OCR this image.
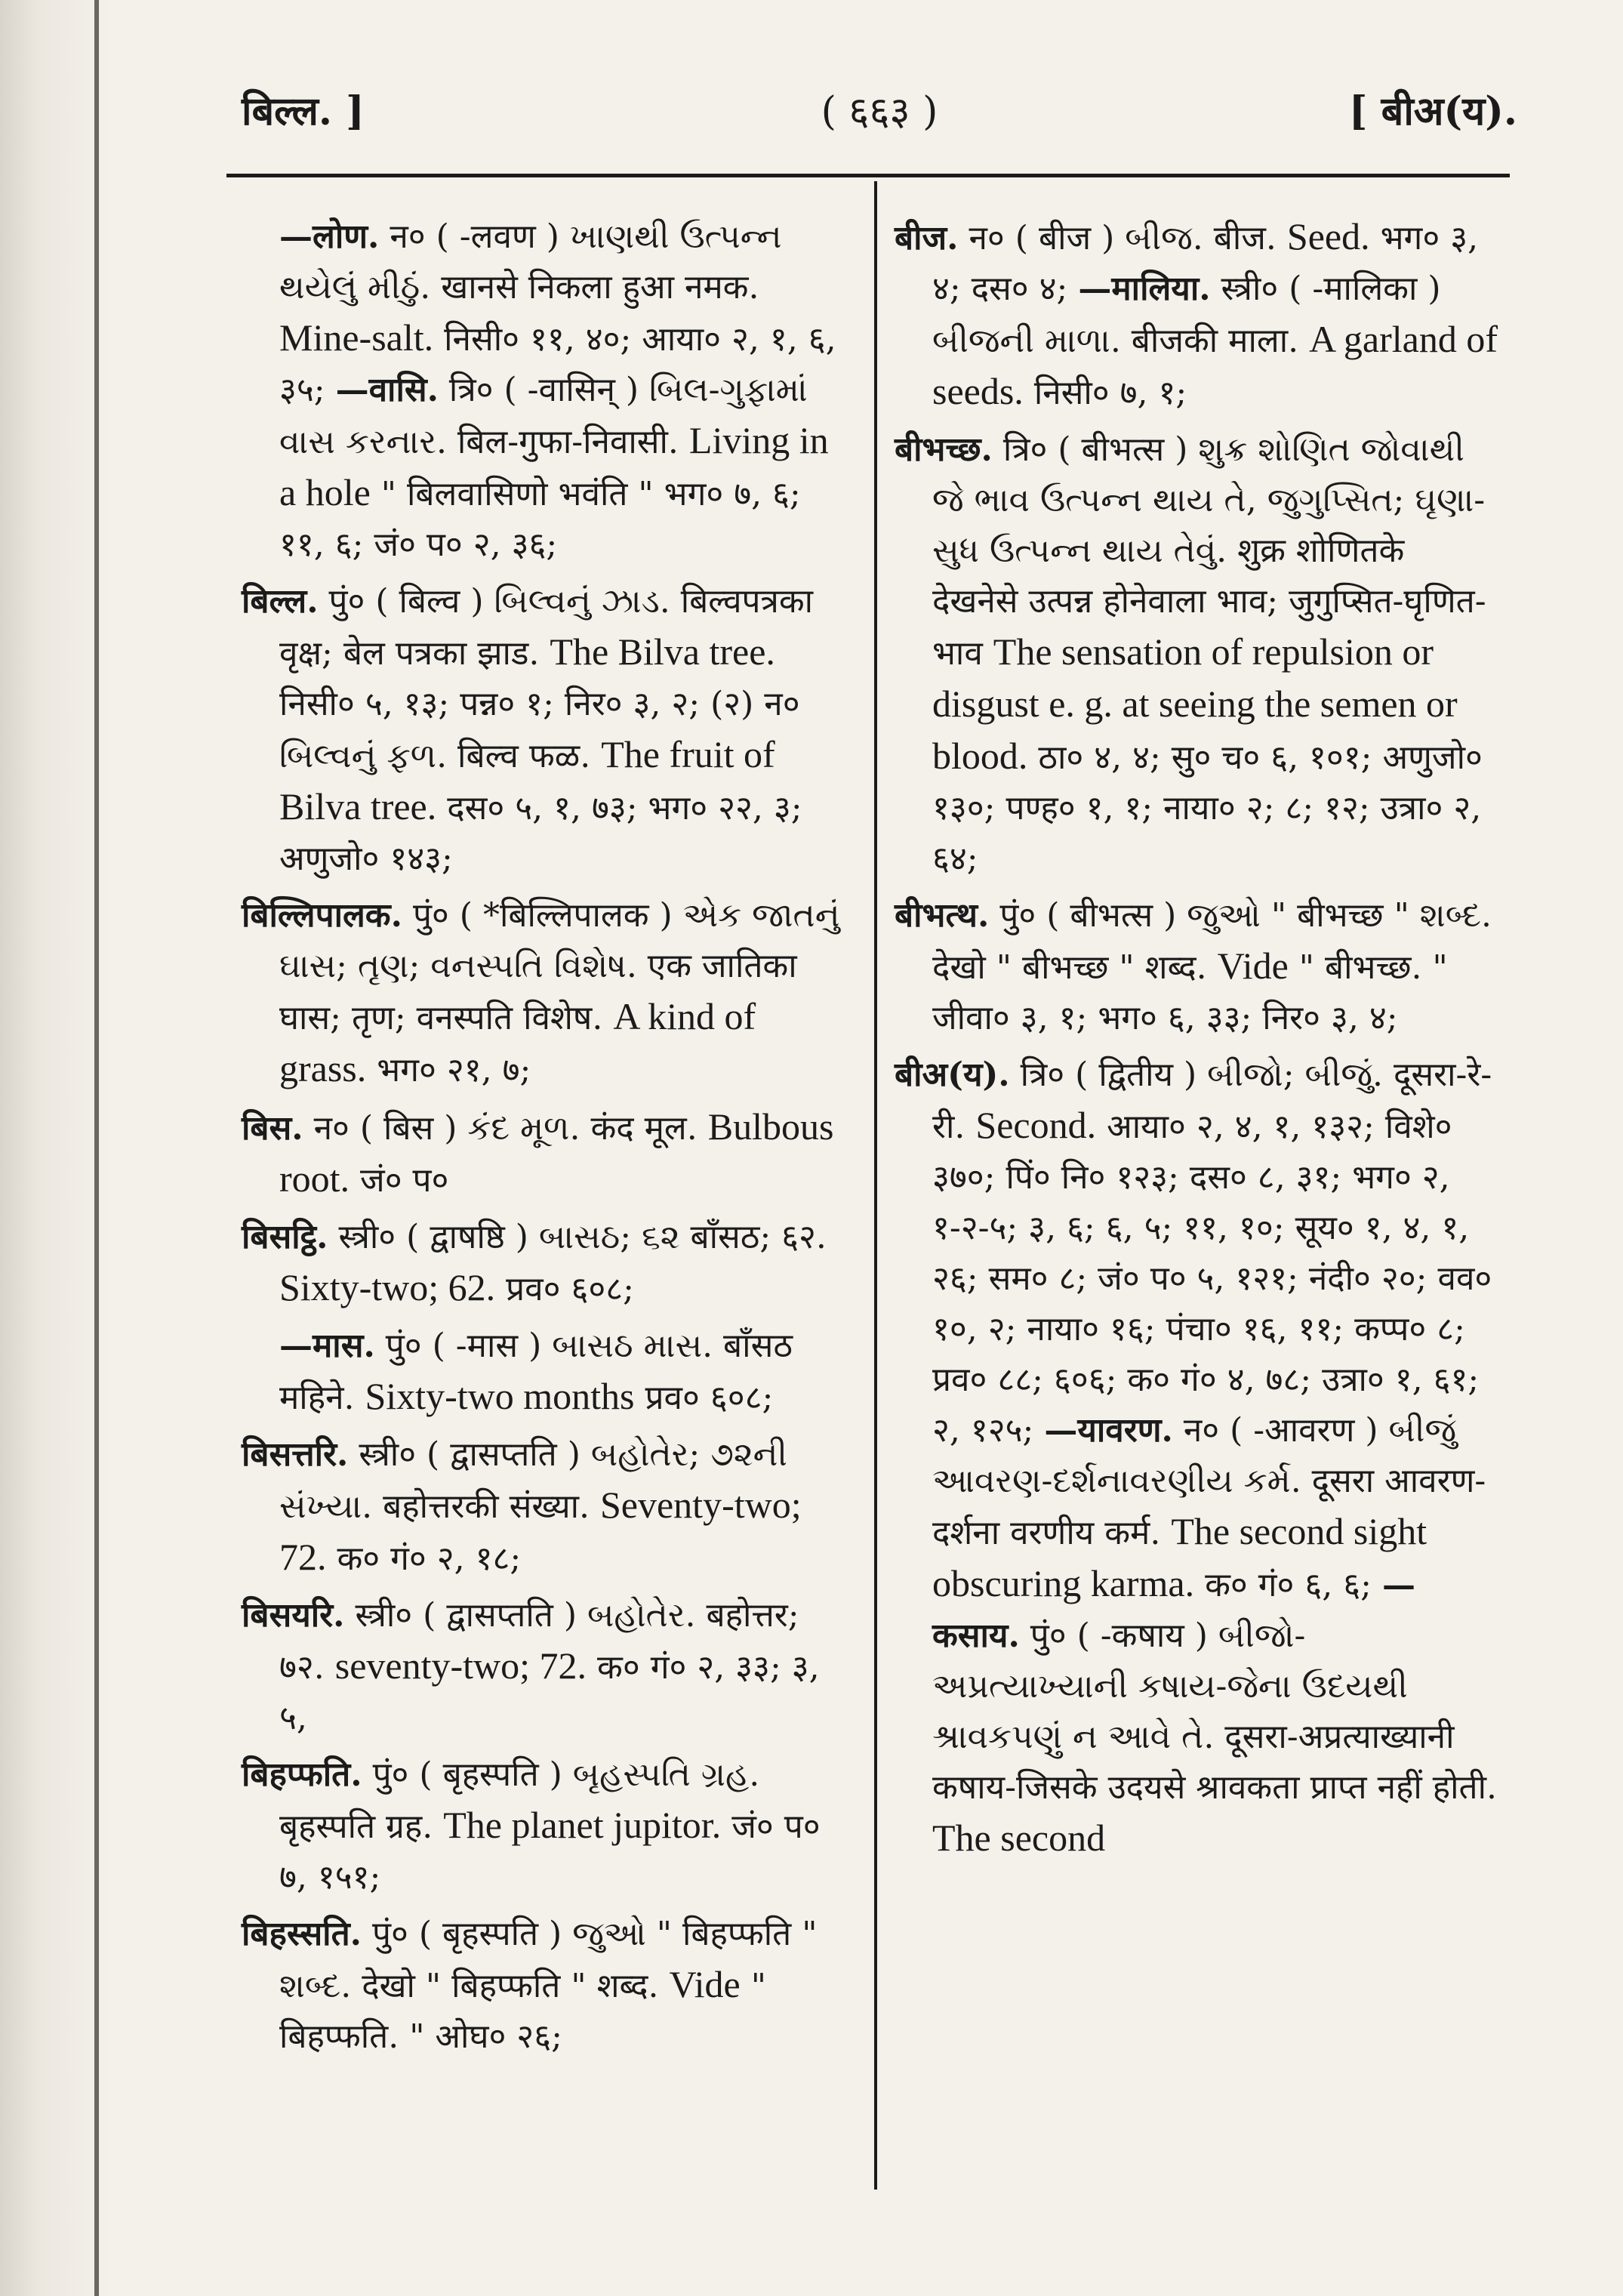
बिल्ल. ]	( ६६३ )	[ बीअ(य).

—लोण. न० ( -लवण ) ખાણથી ઉત્પન્ન થયેલું મીઠું. खानसे निकला हुआ नमक. Mine-salt. निसी० ११, ४०; आया० २, १, ६, ३५; —वासि. त्रि० ( -वासिन् ) બિલ-ગુફામાં વાસ કરનાર. बिल-गुफा-निवासी. Living in a hole " बिलवासिणो भवंति " भग० ७, ६; ११, ६; जं० प० २, ३६;

बिल्ल. पुं० ( बिल्व ) બિલ્વનું ઝાડ. बिल्वपत्रका वृक्ष; बेल पत्रका झाड. The Bilva tree. निसी० ५, १३; पन्न० १; निर० ३, २; (२) न० બિલ્વનું ફળ. बिल्व फळ. The fruit of Bilva tree. दस० ५, १, ७३; भग० २२, ३; अणुजो० १४३;

बिल्लिपालक. पुं० ( *बिल्लिपालक ) એક જાતનું ઘાસ; તૃણ; વનસ્પતિ વિશેષ. एक जातिका घास; तृण; वनस्पति विशेष. A kind of grass. भग० २१, ७;

बिस. न० ( बिस ) કંદ મૂળ. कंद मूल. Bulbous root. जं० प०

बिसट्ठि. स्त्री० ( द्वाषष्ठि ) બાસઠ; ૬૨ बाँसठ; ६२. Sixty-two; 62. प्रव० ६०८;

—मास. पुं० ( -मास ) બાસઠ માસ. बाँसठ महिने. Sixty-two months प्रव० ६०८;

बिसत्तरि. स्त्री० ( द्वासप्तति ) બહોતેર; ૭૨ની સંખ્યા. बहोत्तरकी संख्या. Seventy-two; 72. क० गं० २, १८;

बिसयरि. स्त्री० ( द्वासप्तति ) બહોતેર. बहोत्तर; ७२. seventy-two; 72. क० गं० २, ३३; ३, ५,

बिहप्फति. पुं० ( बृहस्पति ) બૃહસ્પતિ ગ્રહ. बृहस्पति ग्रह. The planet jupitor. जं० प० ७, १५१;

बिहस्सति. पुं० ( बृहस्पति ) જુઓ " बिहप्फति " શબ્દ. देखो " बिहप्फति " शब्द. Vide " बिहप्फति. " ओघ० २६;

बीज. न० ( बीज ) બીજ. बीज. Seed. भग० ३, ४; दस० ४; —मालिया. स्त्री० ( -मालिका ) બીજની માળા. बीजकी माला. A garland of seeds. निसी० ७, १;

बीभच्छ. त्रि० ( बीभत्स ) શુક્ર શોણિત જોવાથી જે ભાવ ઉત્પન્ન થાય તે, જુગુપ્સિત; ઘૃણા-સુધ ઉત્પન્ન થાય તેવું. शुक्र शोणितके देखनेसे उत्पन्न होनेवाला भाव; जुगुप्सित-घृणित-भाव The sensation of repulsion or disgust e. g. at seeing the semen or blood. ठा० ४, ४; सु० च० ६, १०१; अणुजो० १३०; पण्ह० १, १; नाया० २; ८; १२; उत्रा० २, ६४;

बीभत्थ. पुं० ( बीभत्स ) જુઓ " बीभच्छ " શબ્દ. देखो " बीभच्छ " शब्द. Vide " बीभच्छ. " जीवा० ३, १; भग० ६, ३३; निर० ३, ४;

बीअ(य). त्रि० ( द्वितीय ) બીજો; બીજું. दूसरा-रे-री. Second. आया० २, ४, १, १३२; विशे० ३७०; पिं० नि० १२३; दस० ८, ३१; भग० २, १-२-५; ३, ६; ६, ५; ११, १०; सूय० १, ४, १, २६; सम० ८; जं० प० ५, १२१; नंदी० २०; वव० १०, २; नाया० १६; पंचा० १६, ११; कप्प० ८; प्रव० ८८; ६०६; क० गं० ४, ७८; उत्रा० १, ६१; २, १२५; —यावरण. न० ( -आवरण ) બીજું આવરણ-દર્શનાવરણીય કર્મ. दूसरा आवरण-दर्शना वरणीय कर्म. The second sight obscuring karma. क० गं० ६, ६; —कसाय. पुं० ( -कषाय ) બીજો-અપ્રત્યાખ્યાની કષાય-જેના ઉદયથી શ્રાવકપણું ન આવે તે. दूसरा-अप्रत्याख्यानी कषाय-जिसके उदयसे श्रावकता प्राप्त नहीं होती. The second
